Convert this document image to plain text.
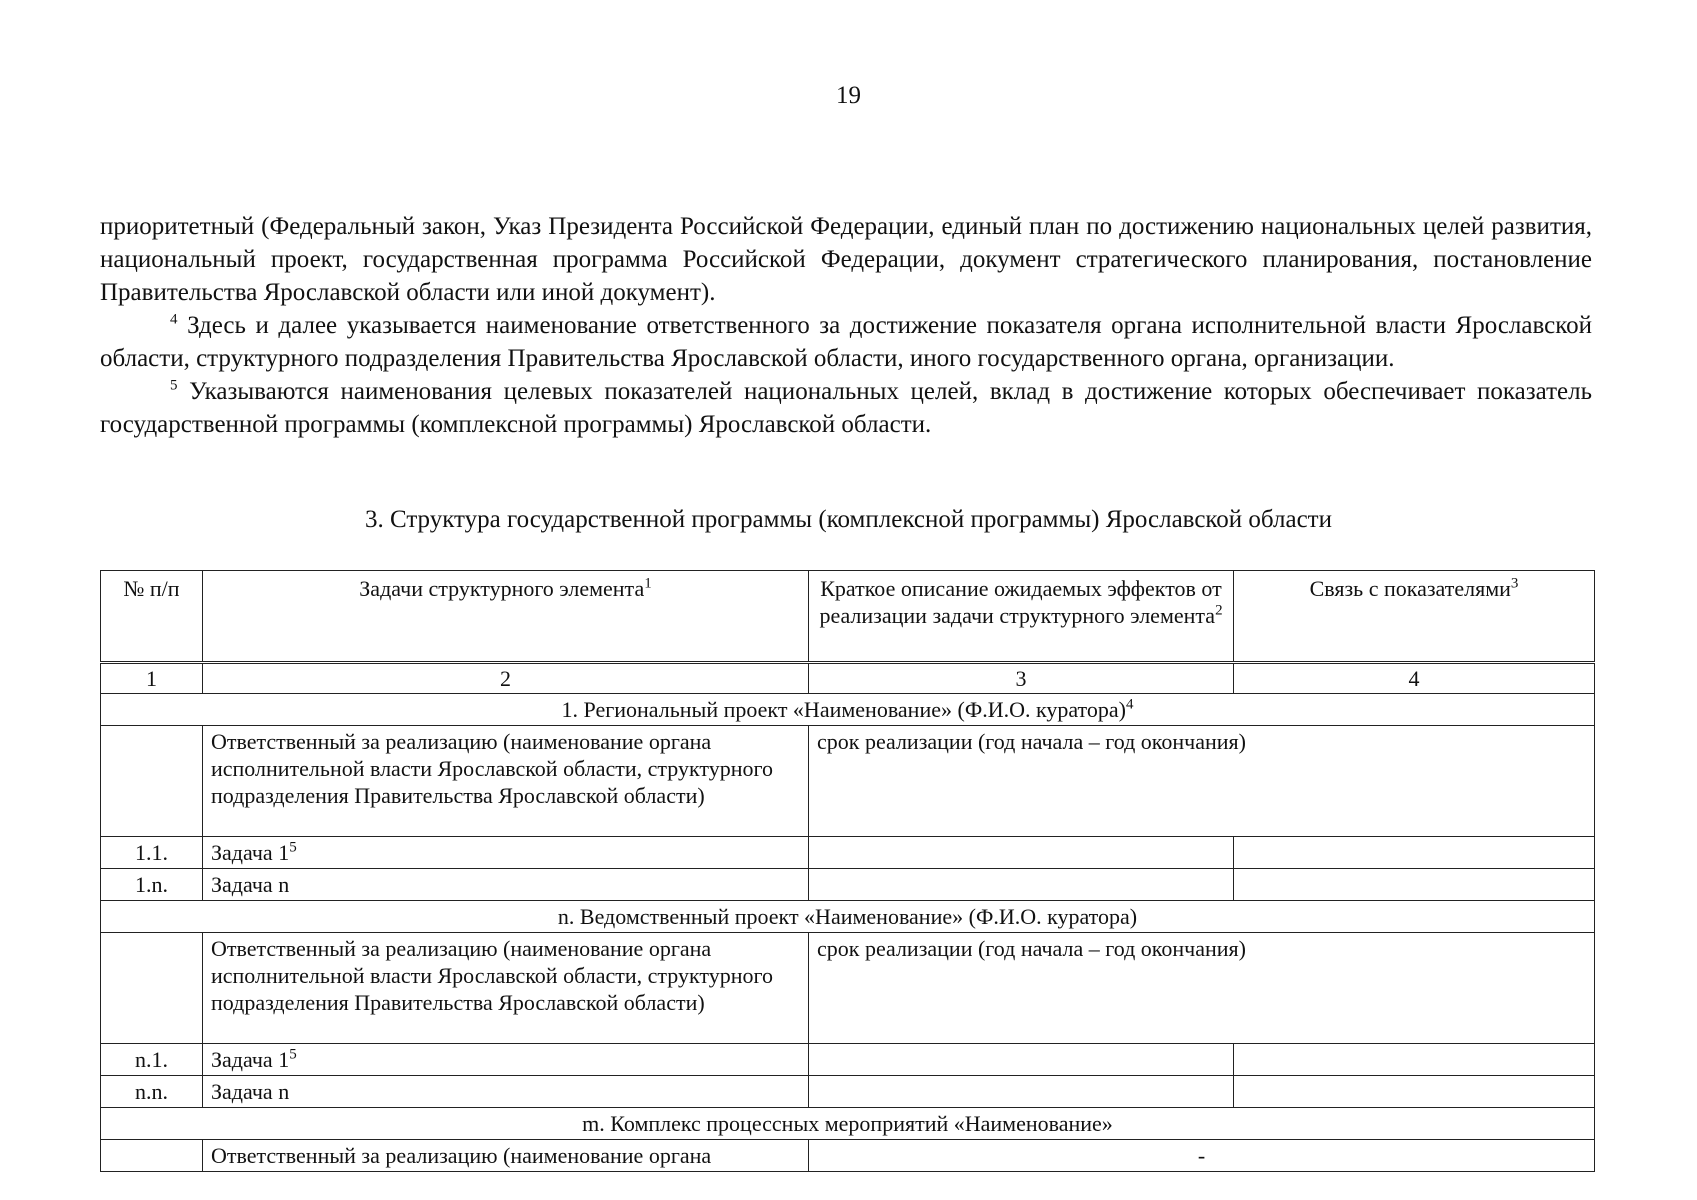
19

приоритетный (Федеральный закон, Указ Президента Российской Федерации, единый план по достижению национальных целей развития, национальный проект, государственная программа Российской Федерации, документ стратегического планирования, постановление Правительства Ярославской области или иной документ).

$^4$ Здесь и далее указывается наименование ответственного за достижение показателя органа исполнительной власти Ярославской области, структурного подразделения Правительства Ярославской области, иного государственного органа, организации.

$^5$ Указываются наименования целевых показателей национальных целей, вклад в достижение которых обеспечивает показатель государственной программы (комплексной программы) Ярославской области.

3. Структура государственной программы (комплексной программы) Ярославской области
№ п/п	Задачи структурного элемента$^1$	Краткое описание ожидаемых эффектов от реализации задачи структурного элемента$^2$	Связь с показателями$^3$
1	2	3	4
1. Региональный проект «Наименование» (Ф.И.О. куратора)$^4$
	Ответственный за реализацию (наименование органа исполнительной власти Ярославской области, структурного подразделения Правительства Ярославской области)	срок реализации (год начала – год окончания)	
1.1.	Задача $1^5$		
1.n.	Задача n		
n. Ведомственный проект «Наименование» (Ф.И.О. куратора)			
	Ответственный за реализацию (наименование органа исполнительной власти Ярославской области, структурного подразделения Правительства Ярославской области)	срок реализации (год начала – год окончания)	
n.1.	Задача $1^5$		
n.n.	Задача n		
m. Комплекс процессных мероприятий «Наименование»			
	Ответственный за реализацию (наименование органа	-	
